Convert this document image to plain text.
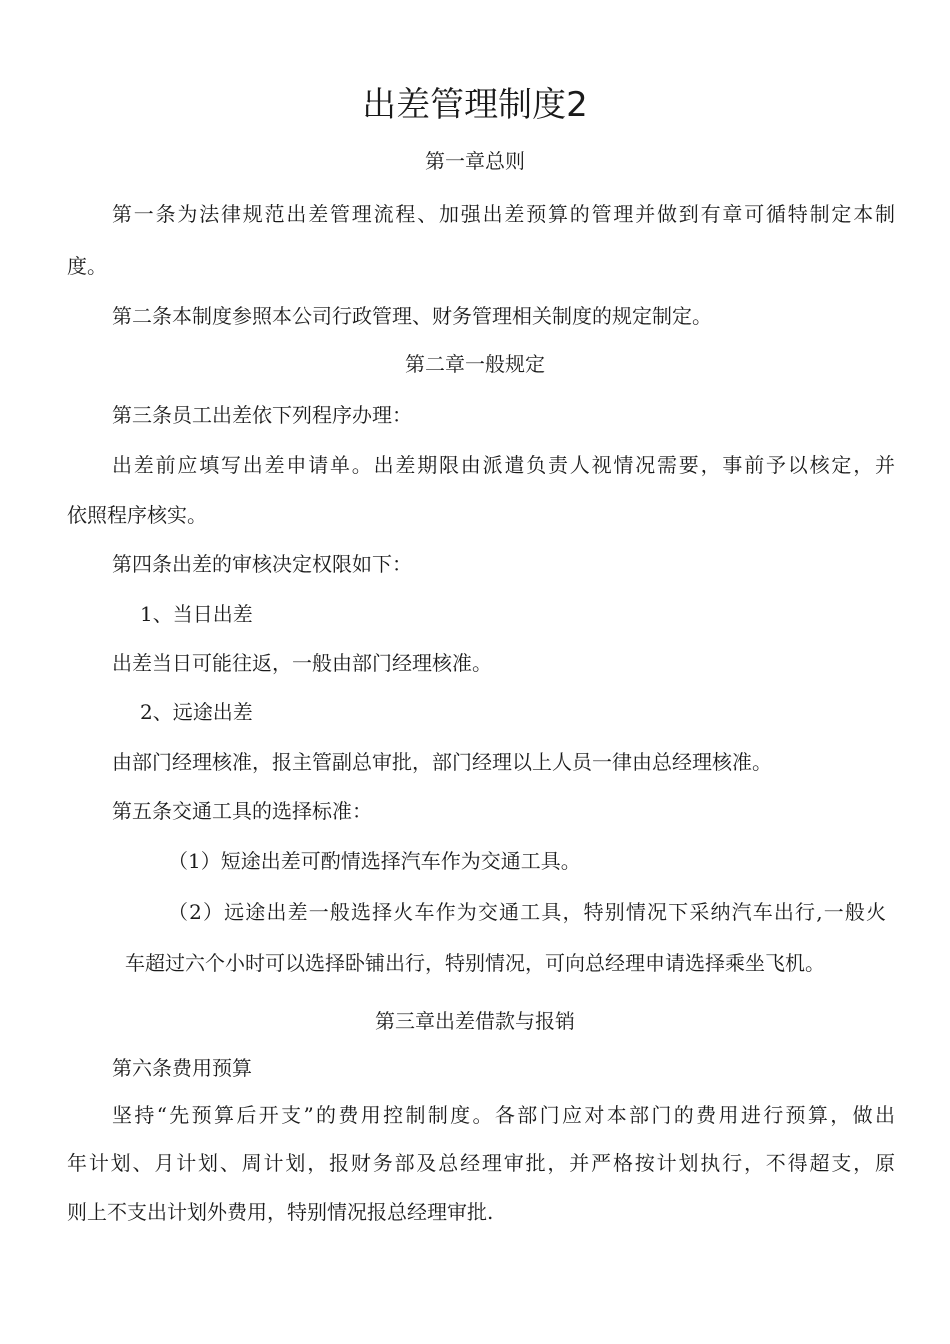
出差管理制度2
第一章总则
第一条为法律规范出差管理流程、加强出差预算的管理并做到有章可循特制定本制
度。
第二条本制度参照本公司行政管理、财务管理相关制度的规定制定。
第二章一般规定
第三条员工出差依下列程序办理：
出差前应填写出差申请单。出差期限由派遣负责人视情况需要，事前予以核定，并
依照程序核实。
第四条出差的审核决定权限如下：
1、当日出差
出差当日可能往返，一般由部门经理核准。
2、远途出差
由部门经理核准，报主管副总审批，部门经理以上人员一律由总经理核准。
第五条交通工具的选择标准：
（1）短途出差可酌情选择汽车作为交通工具。
（2）远途出差一般选择火车作为交通工具，特别情况下采纳汽车出行,一般火
车超过六个小时可以选择卧铺出行，特别情况，可向总经理申请选择乘坐飞机。
第三章出差借款与报销
第六条费用预算
坚持“先预算后开支”的费用控制制度。各部门应对本部门的费用进行预算，做出
年计划、月计划、周计划，报财务部及总经理审批，并严格按计划执行，不得超支，原
则上不支出计划外费用，特别情况报总经理审批.
